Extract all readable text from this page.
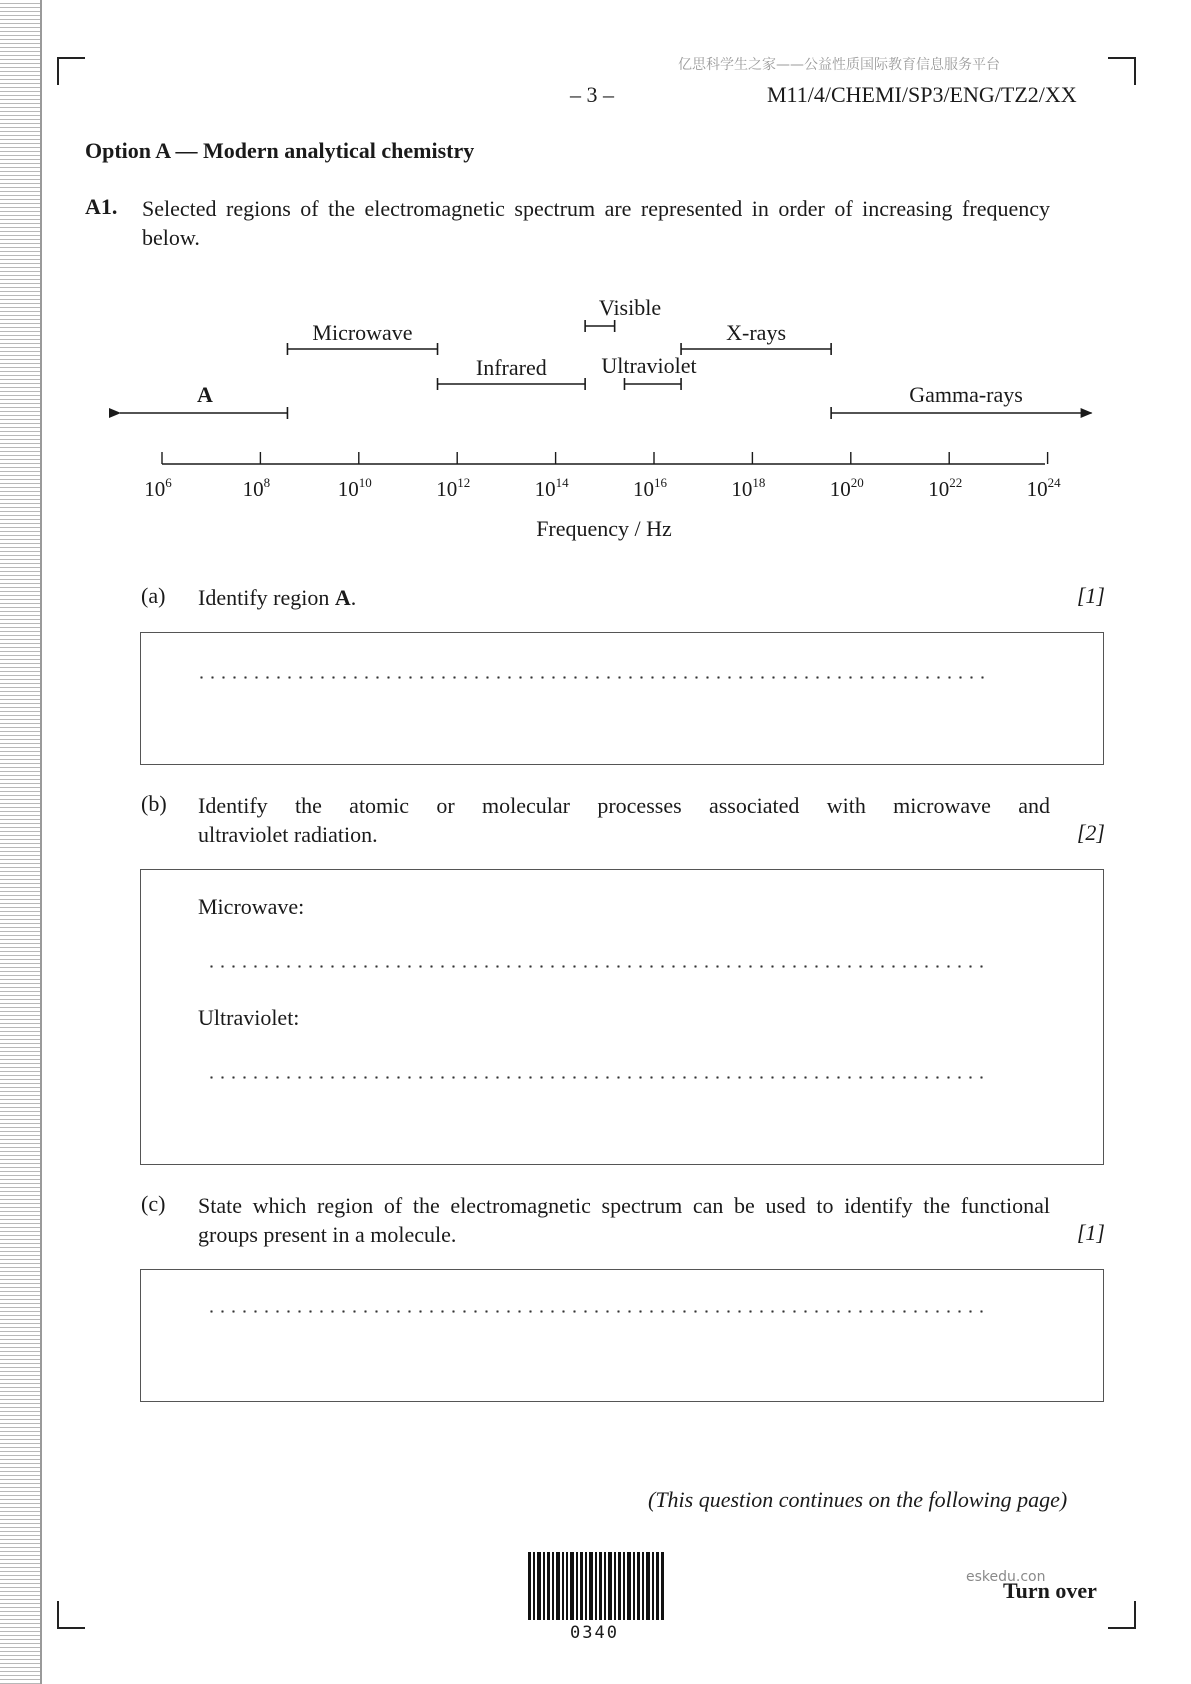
亿思科学生之家——公益性质国际教育信息服务平台
– 3 –	M11/4/CHEMI/SP3/ENG/TZ2/XX
Option A — Modern analytical chemistry
A1. Selected regions of the electromagnetic spectrum are represented in order of increasing frequency below.
A
Microwave
Infrared
Visible
Ultraviolet
X-rays
Gamma-rays
$10^6$	$10^8$	$10^{10}$	$10^{12}$	$10^{14}$	$10^{16}$	$10^{18}$	$10^{20}$	$10^{22}$	$10^{24}$
Frequency / Hz
(a) Identify region A.	[1]
(b) Identify the atomic or molecular processes associated with microwave and
ultraviolet radiation.	[2]
Microwave:
Ultraviolet:
(c) State which region of the electromagnetic spectrum can be used to identify the functional
groups present in a molecule.	[1]
(This question continues on the following page)
eskedu.con
Turn over
0340
